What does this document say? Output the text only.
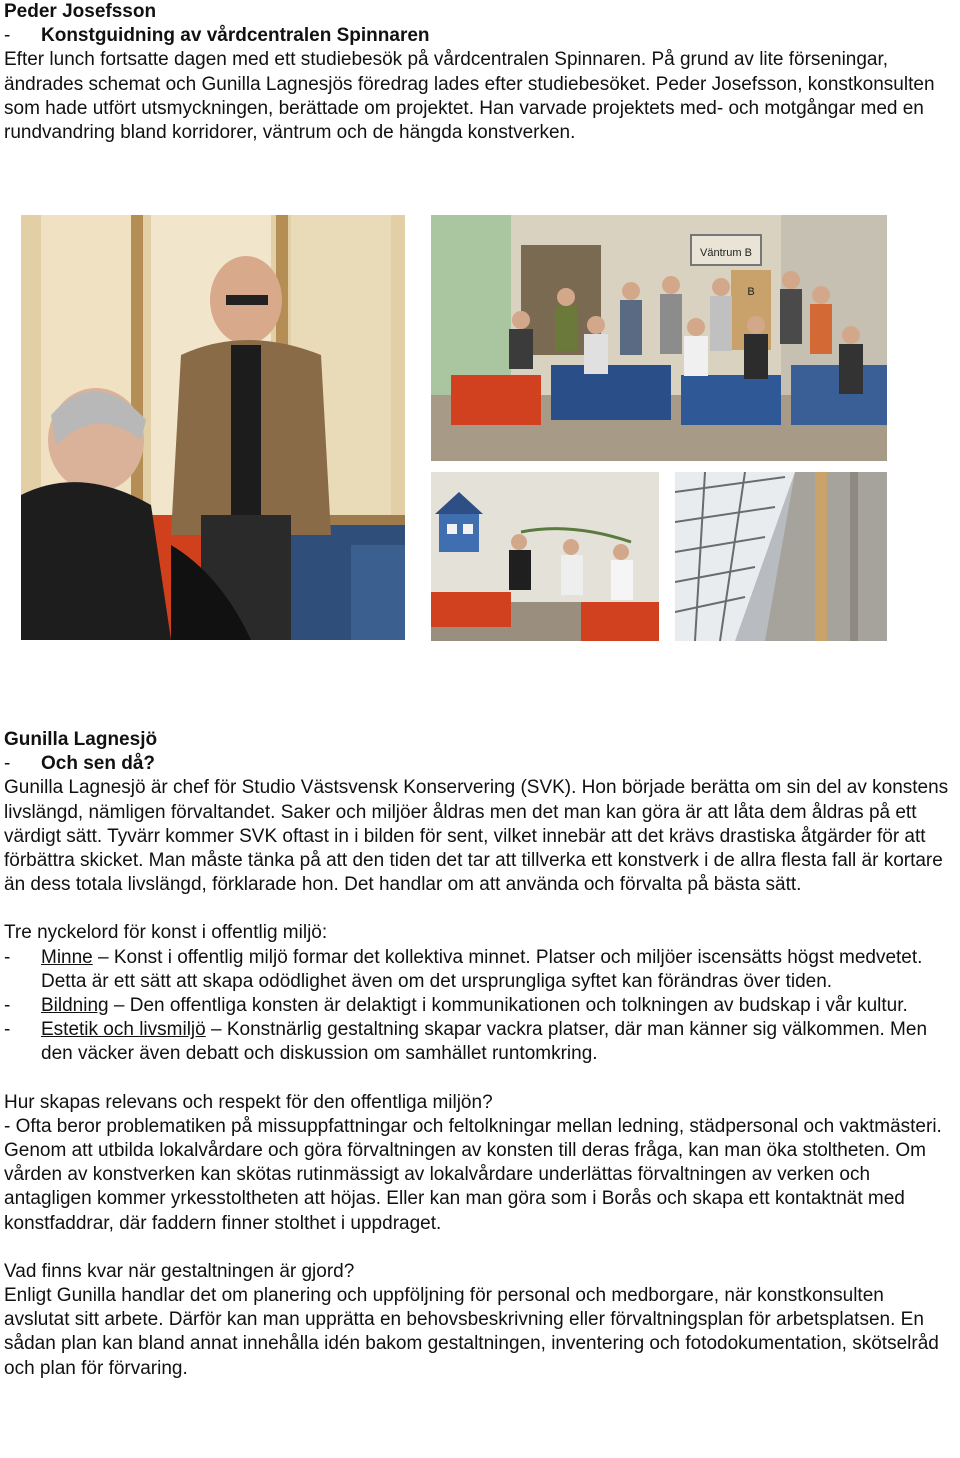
Peder Josefsson

-	Konstguidning av vårdcentralen Spinnaren

Efter lunch fortsatte dagen med ett studiebesök på vårdcentralen Spinnaren. På grund av lite förseningar, ändrades schemat och Gunilla Lagnesjös föredrag lades efter studiebesöket. Peder Josefsson, konstkonsulten som hade utfört utsmyckningen, berättade om projektet. Han varvade projektets med- och motgångar med en rundvandring bland korridorer, väntrum och de hängda konstverken.

Väntrum B
B

Gunilla Lagnesjö

-	Och sen då?

Gunilla Lagnesjö är chef för Studio Västsvensk Konservering (SVK). Hon började berätta om sin del av konstens livslängd, nämligen förvaltandet. Saker och miljöer åldras men det man kan göra är att låta dem åldras på ett värdigt sätt. Tyvärr kommer SVK oftast in i bilden för sent, vilket innebär att det krävs drastiska åtgärder för att förbättra skicket. Man måste tänka på att den tiden det tar att tillverka ett konstverk i de allra flesta fall är kortare än dess totala livslängd, förklarade hon. Det handlar om att använda och förvalta på bästa sätt.

Tre nyckelord för konst i offentlig miljö:

-	Minne – Konst i offentlig miljö formar det kollektiva minnet. Platser och miljöer iscensätts högst medvetet. Detta är ett sätt att skapa odödlighet även om det ursprungliga syftet kan förändras över tiden.
-	Bildning – Den offentliga konsten är delaktigt i kommunikationen och tolkningen av budskap i vår kultur.
-	Estetik och livsmiljö – Konstnärlig gestaltning skapar vackra platser, där man känner sig välkommen. Men den väcker även debatt och diskussion om samhället runtomkring.

Hur skapas relevans och respekt för den offentliga miljön?

- Ofta beror problematiken på missuppfattningar och feltolkningar mellan ledning, städpersonal och vaktmästeri. Genom att utbilda lokalvårdare och göra förvaltningen av konsten till deras fråga, kan man öka stoltheten. Om vården av konstverken kan skötas rutinmässigt av lokalvårdare underlättas förvaltningen av verken och antagligen kommer yrkesstoltheten att höjas. Eller kan man göra som i Borås och skapa ett kontaktnät med konstfaddrar, där faddern finner stolthet i uppdraget.

Vad finns kvar när gestaltningen är gjord?

Enligt Gunilla handlar det om planering och uppföljning för personal och medborgare, när konstkonsulten avslutat sitt arbete. Därför kan man upprätta en behovsbeskrivning eller förvaltningsplan för arbetsplatsen. En sådan plan kan bland annat innehålla idén bakom gestaltningen, inventering och fotodokumentation, skötselråd och plan för förvaring.
